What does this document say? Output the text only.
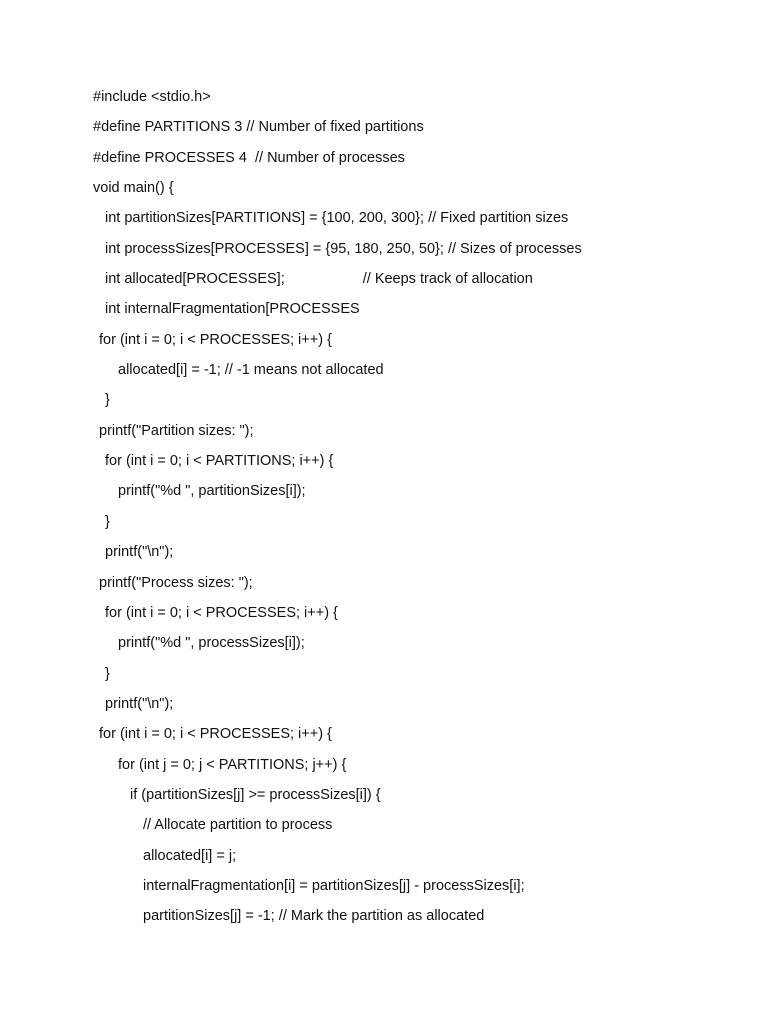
#include <stdio.h>
#define PARTITIONS 3 // Number of fixed partitions
#define PROCESSES 4  // Number of processes
void main() {
int partitionSizes[PARTITIONS] = {100, 200, 300}; // Fixed partition sizes
int processSizes[PROCESSES] = {95, 180, 250, 50}; // Sizes of processes
int allocated[PROCESSES];	// Keeps track of allocation
int internalFragmentation[PROCESSES
for (int i = 0; i < PROCESSES; i++) {
allocated[i] = -1; // -1 means not allocated
}
printf("Partition sizes: ");
for (int i = 0; i < PARTITIONS; i++) {
printf("%d ", partitionSizes[i]);
}
printf("\n");
printf("Process sizes: ");
for (int i = 0; i < PROCESSES; i++) {
printf("%d ", processSizes[i]);
}
printf("\n");
for (int i = 0; i < PROCESSES; i++) {
for (int j = 0; j < PARTITIONS; j++) {
if (partitionSizes[j] >= processSizes[i]) {
// Allocate partition to process
allocated[i] = j;
internalFragmentation[i] = partitionSizes[j] - processSizes[i];
partitionSizes[j] = -1; // Mark the partition as allocated
